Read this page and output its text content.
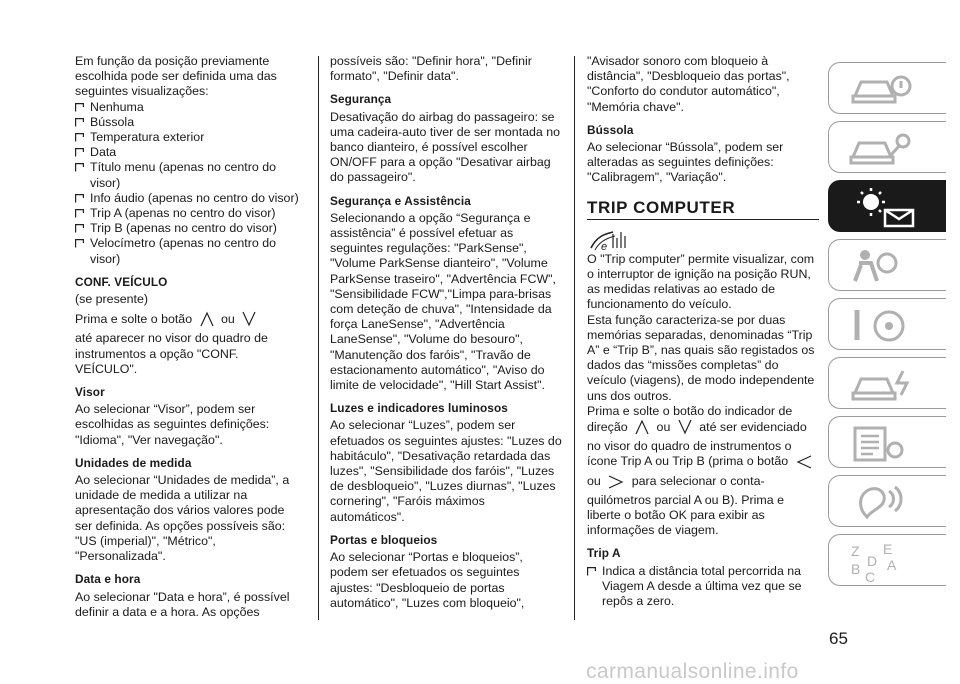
Em função da posição previamente escolhida pode ser definida uma das seguintes visualizações:

Nenhuma
Bússola
Temperatura exterior
Data
Título menu (apenas no centro do visor)
Info áudio (apenas no centro do visor)
Trip A (apenas no centro do visor)
Trip B (apenas no centro do visor)
Velocímetro (apenas no centro do visor)

CONF. VEÍCULO

(se presente)

Prima e solte o botão ou
até aparecer no visor do quadro de instrumentos a opção "CONF. VEÍCULO".

Visor

Ao selecionar “Visor”, podem ser escolhidas as seguintes definições: "Idioma", "Ver navegação".

Unidades de medida

Ao selecionar “Unidades de medida”, a unidade de medida a utilizar na apresentação dos vários valores pode ser definida. As opções possíveis são: "US (imperial)", "Métrico", "Personalizada".

Data e hora

Ao selecionar "Data e hora”, é possível definir a data e a hora. As opções

possíveis são: "Definir hora", "Definir formato", "Definir data".

Segurança

Desativação do airbag do passageiro: se uma cadeira-auto tiver de ser montada no banco dianteiro, é possível escolher ON/OFF para a opção "Desativar airbag do passageiro".

Segurança e Assistência

Selecionando a opção “Segurança e assistência” é possível efetuar as seguintes regulações: "ParkSense", "Volume ParkSense dianteiro", "Volume ParkSense traseiro", "Advertência FCW", "Sensibilidade FCW","Limpa para-brisas com deteção de chuva", "Intensidade da força LaneSense", "Advertência LaneSense", "Volume do besouro", "Manutenção dos faróis", "Travão de estacionamento automático", "Aviso do limite de velocidade", "Hill Start Assist".

Luzes e indicadores luminosos

Ao selecionar “Luzes”, podem ser efetuados os seguintes ajustes: "Luzes do habitáculo", "Desativação retardada das luzes", "Sensibilidade dos faróis", "Luzes de desbloqueio", "Luzes diurnas", "Luzes cornering", "Faróis máximos automáticos".

Portas e bloqueios

Ao selecionar “Portas e bloqueios”, podem ser efetuados os seguintes ajustes: "Desbloqueio de portas automático", "Luzes com bloqueio",

"Avisador sonoro com bloqueio à distância", "Desbloqueio das portas", "Conforto do condutor automático", "Memória chave".

Bússola

Ao selecionar “Bússola”, podem ser alteradas as seguintes definições: "Calibragem", "Variação".

TRIP COMPUTER
e

O "Trip computer” permite visualizar, com o interruptor de ignição na posição RUN, as medidas relativas ao estado de funcionamento do veículo.

Esta função caracteriza-se por duas memórias separadas, denominadas “Trip A” e “Trip B”, nas quais são registados os dados das “missões completas” do veículo (viagens), de modo independente uns dos outros.

Prima e solte o botão do indicador de direção ou até ser evidenciado no visor do quadro de instrumentos o ícone Trip A ou Trip B (prima o botão  ou para selecionar o conta-quilómetros parcial A ou B). Prima e liberte o botão OK para exibir as informações de viagem.

Trip A

Indica a distância total percorrida na Viagem A desde a última vez que se repôs a zero.
Z E
D
B A
C
65
carmanualsonline.info
